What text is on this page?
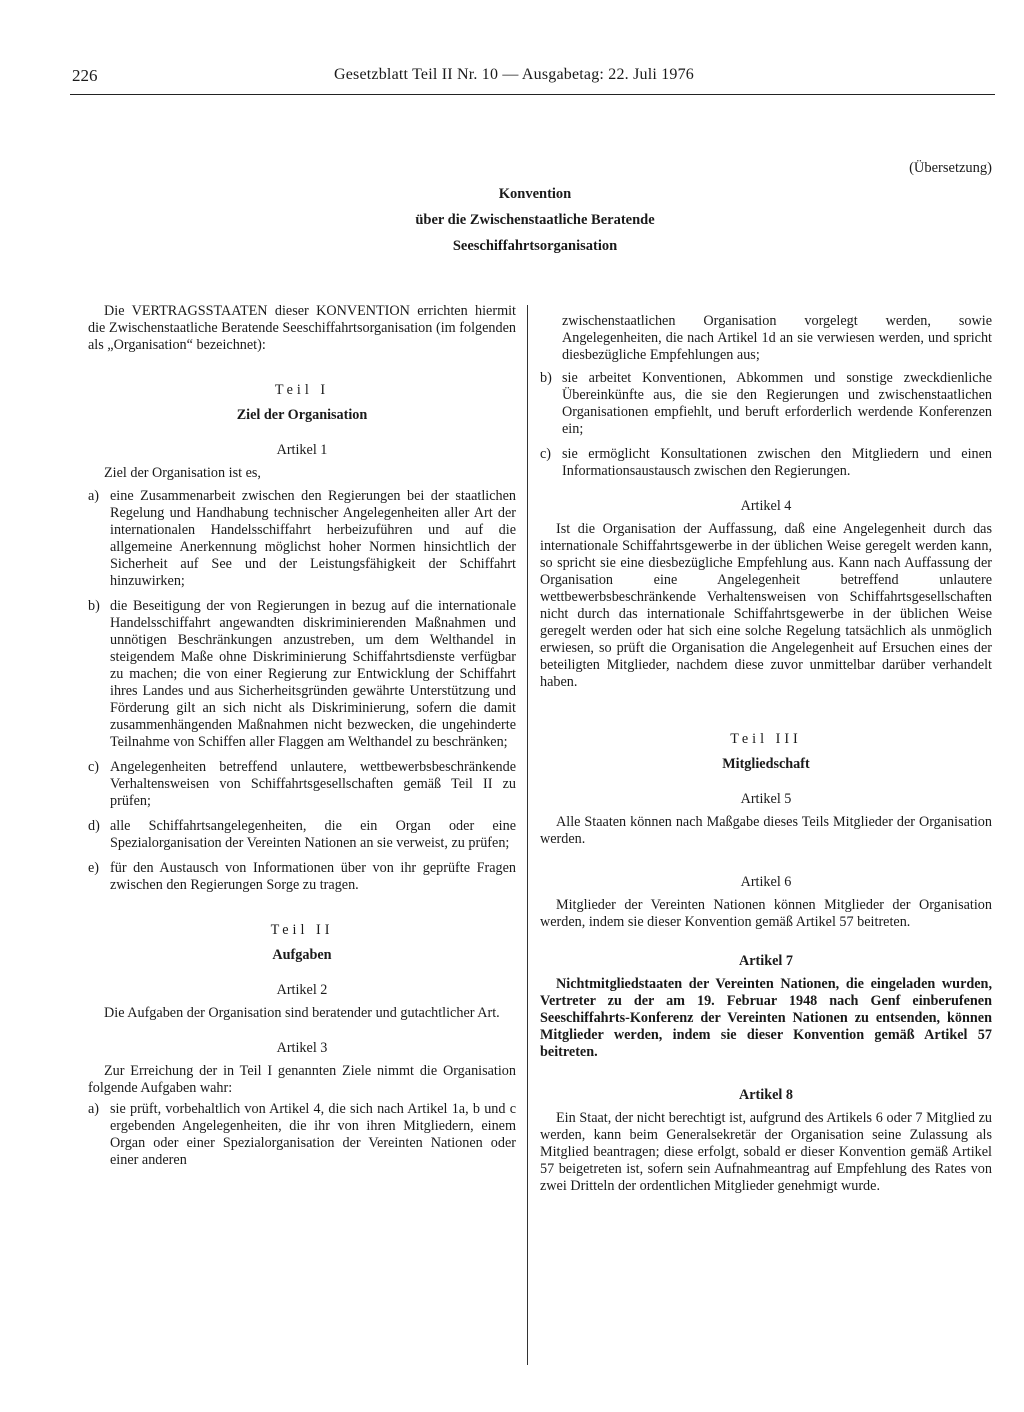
226	Gesetzblatt Teil II Nr. 10 — Ausgabetag: 22. Juli 1976
(Übersetzung)
Konvention
über die Zwischenstaatliche Beratende
Seeschiffahrtsorganisation

Die VERTRAGSSTAATEN dieser KONVENTION errichten hiermit die Zwischenstaatliche Beratende Seeschiffahrtsorganisation (im folgenden als „Organisation“ bezeichnet):

Teil I

Ziel der Organisation

Artikel 1

Ziel der Organisation ist es,

a) eine Zusammenarbeit zwischen den Regierungen bei der staatlichen Regelung und Handhabung technischer Angelegenheiten aller Art der internationalen Handelsschiffahrt herbeizuführen und auf die allgemeine Anerkennung möglichst hoher Normen hinsichtlich der Sicherheit auf See und der Leistungsfähigkeit der Schiffahrt hinzuwirken;
b) die Beseitigung der von Regierungen in bezug auf die internationale Handelsschiffahrt angewandten diskriminierenden Maßnahmen und unnötigen Beschränkungen anzustreben, um dem Welthandel in steigendem Maße ohne Diskriminierung Schiffahrtsdienste verfügbar zu machen; die von einer Regierung zur Entwicklung der Schiffahrt ihres Landes und aus Sicherheitsgründen gewährte Unterstützung und Förderung gilt an sich nicht als Diskriminierung, sofern die damit zusammenhängenden Maßnahmen nicht bezwecken, die ungehinderte Teilnahme von Schiffen aller Flaggen am Welthandel zu beschränken;
c) Angelegenheiten betreffend unlautere, wettbewerbsbeschränkende Verhaltensweisen von Schiffahrtsgesellschaften gemäß Teil II zu prüfen;
d) alle Schiffahrtsangelegenheiten, die ein Organ oder eine Spezialorganisation der Vereinten Nationen an sie verweist, zu prüfen;
e) für den Austausch von Informationen über von ihr geprüfte Fragen zwischen den Regierungen Sorge zu tragen.

Teil II

Aufgaben

Artikel 2

Die Aufgaben der Organisation sind beratender und gutachtlicher Art.

Artikel 3

Zur Erreichung der in Teil I genannten Ziele nimmt die Organisation folgende Aufgaben wahr:

a) sie prüft, vorbehaltlich von Artikel 4, die sich nach Artikel 1a, b und c ergebenden Angelegenheiten, die ihr von ihren Mitgliedern, einem Organ oder einer Spezialorganisation der Vereinten Nationen oder einer anderen

zwischenstaatlichen Organisation vorgelegt werden, sowie Angelegenheiten, die nach Artikel 1d an sie verwiesen werden, und spricht diesbezügliche Empfehlungen aus;

b) sie arbeitet Konventionen, Abkommen und sonstige zweckdienliche Übereinkünfte aus, die sie den Regierungen und zwischenstaatlichen Organisationen empfiehlt, und beruft erforderlich werdende Konferenzen ein;
c) sie ermöglicht Konsultationen zwischen den Mitgliedern und einen Informationsaustausch zwischen den Regierungen.

Artikel 4

Ist die Organisation der Auffassung, daß eine Angelegenheit durch das internationale Schiffahrtsgewerbe in der üblichen Weise geregelt werden kann, so spricht sie eine diesbezügliche Empfehlung aus. Kann nach Auffassung der Organisation eine Angelegenheit betreffend unlautere wettbewerbsbeschränkende Verhaltensweisen von Schiffahrtsgesellschaften nicht durch das internationale Schiffahrtsgewerbe in der üblichen Weise geregelt werden oder hat sich eine solche Regelung tatsächlich als unmöglich erwiesen, so prüft die Organisation die Angelegenheit auf Ersuchen eines der beteiligten Mitglieder, nachdem diese zuvor unmittelbar darüber verhandelt haben.

Teil III

Mitgliedschaft

Artikel 5

Alle Staaten können nach Maßgabe dieses Teils Mitglieder der Organisation werden.

Artikel 6

Mitglieder der Vereinten Nationen können Mitglieder der Organisation werden, indem sie dieser Konvention gemäß Artikel 57 beitreten.

Artikel 7

Nichtmitgliedstaaten der Vereinten Nationen, die eingeladen wurden, Vertreter zu der am 19. Februar 1948 nach Genf einberufenen Seeschiffahrts-Konferenz der Vereinten Nationen zu entsenden, können Mitglieder werden, indem sie dieser Konvention gemäß Artikel 57 beitreten.

Artikel 8

Ein Staat, der nicht berechtigt ist, aufgrund des Artikels 6 oder 7 Mitglied zu werden, kann beim Generalsekretär der Organisation seine Zulassung als Mitglied beantragen; diese erfolgt, sobald er dieser Konvention gemäß Artikel 57 beigetreten ist, sofern sein Aufnahmeantrag auf Empfehlung des Rates von zwei Dritteln der ordentlichen Mitglieder genehmigt wurde.
